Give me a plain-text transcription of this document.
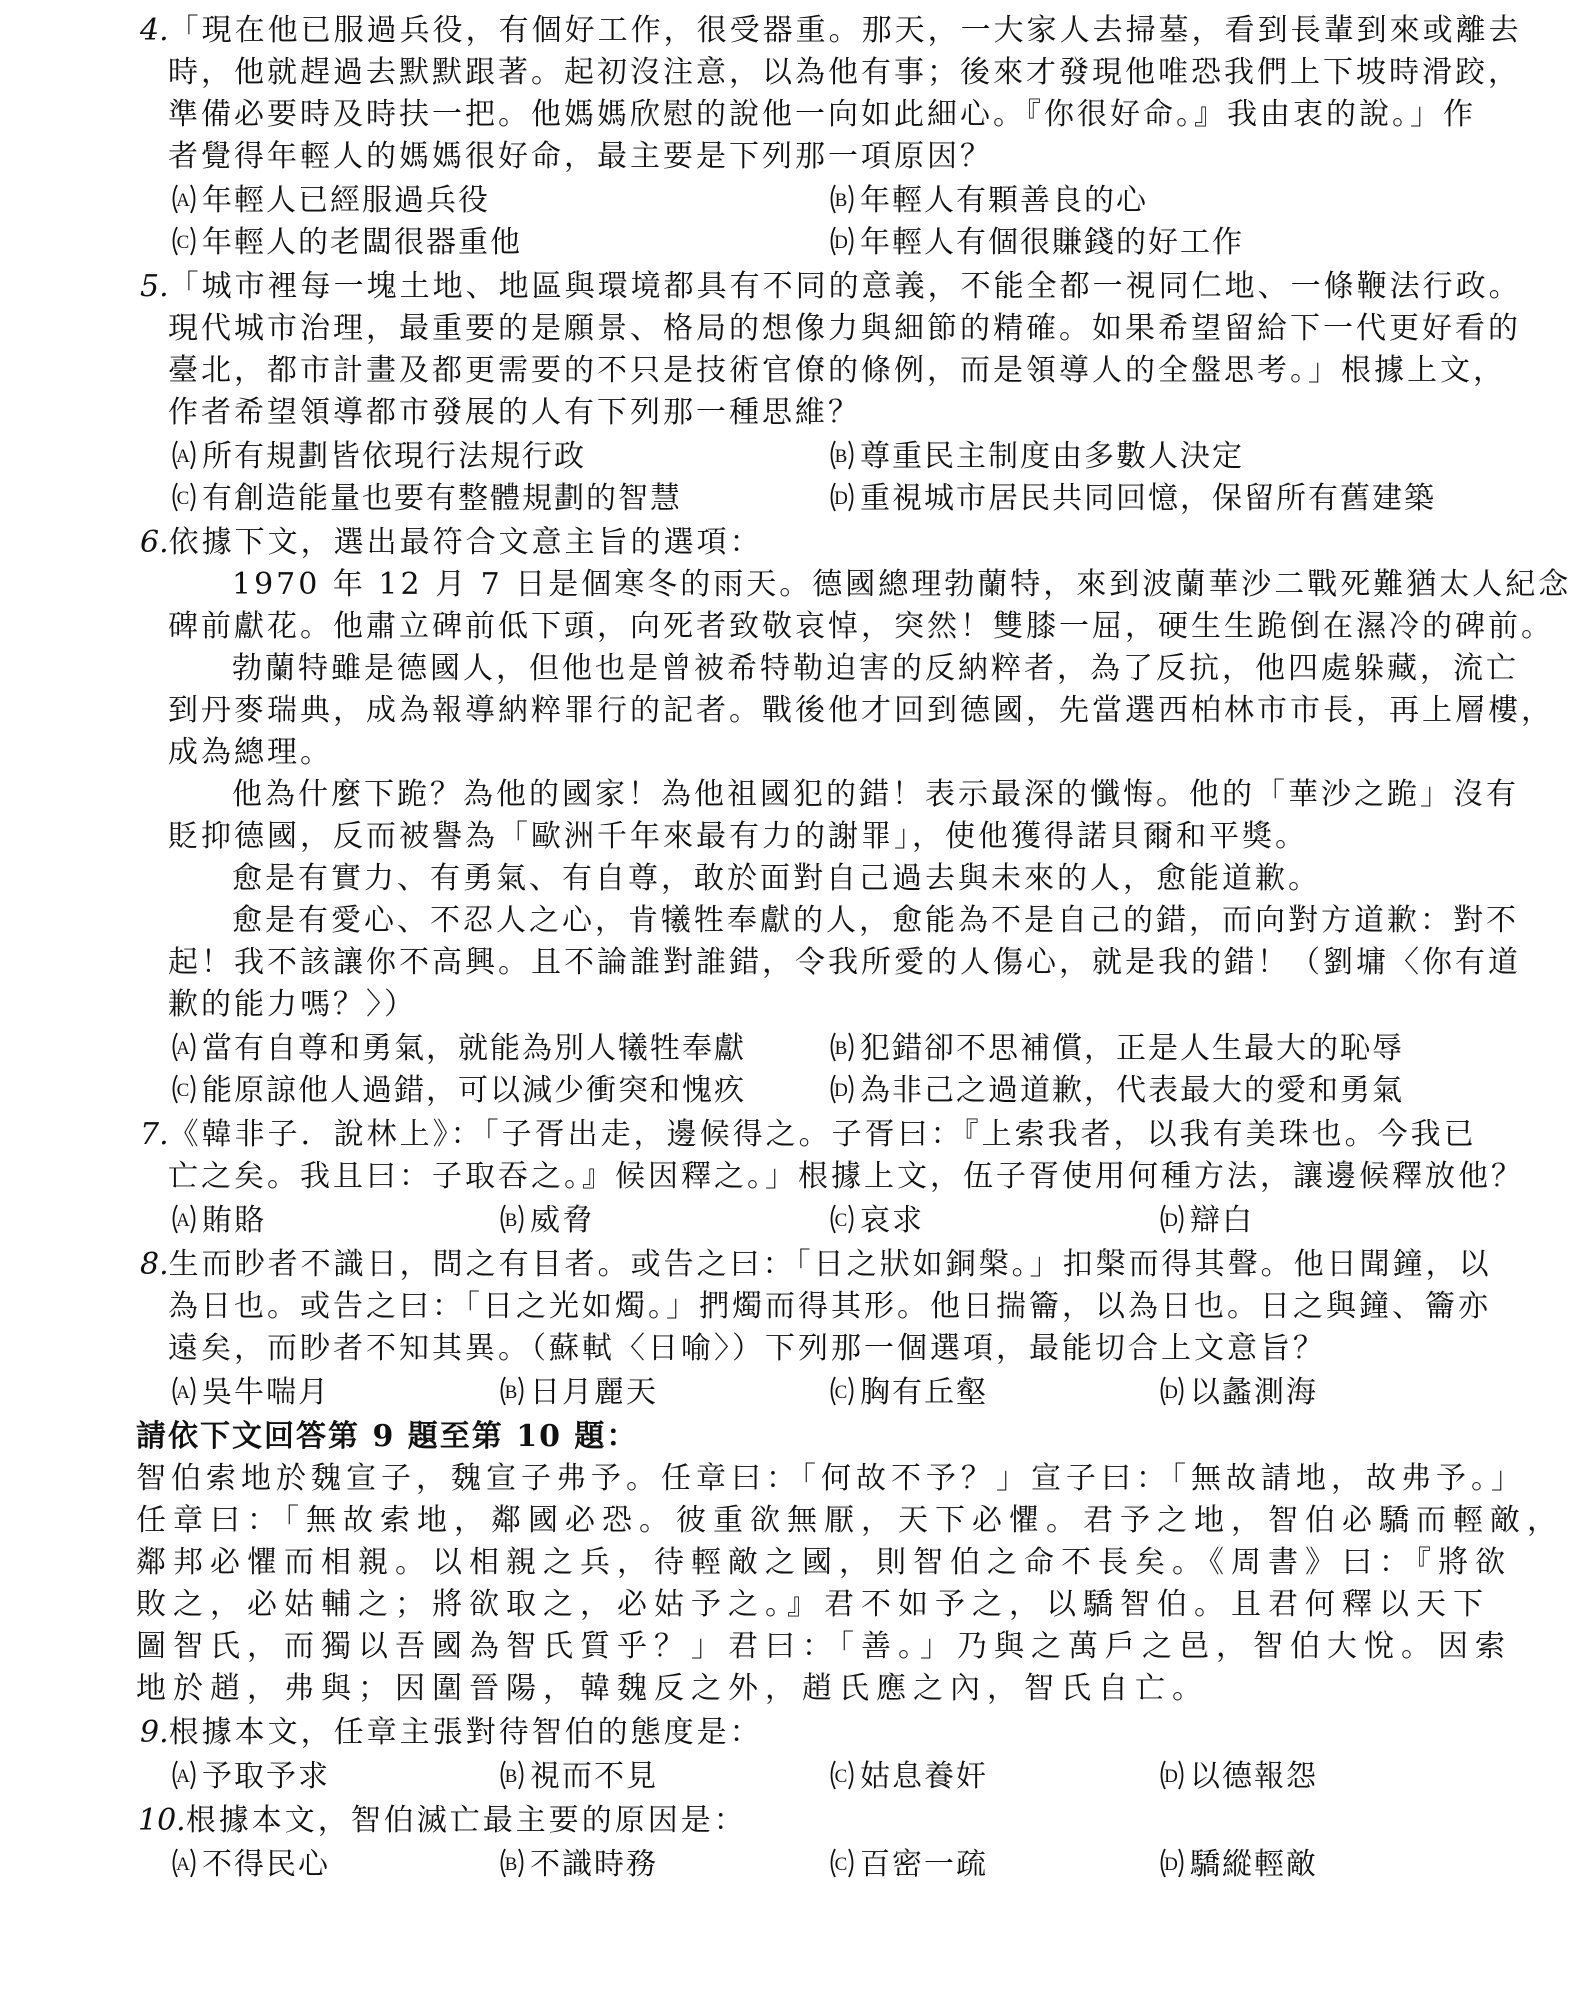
4.「現在他已服過兵役，有個好工作，很受器重。那天，一大家人去掃墓，看到長輩到來或離去
時，他就趕過去默默跟著。起初沒注意，以為他有事；後來才發現他唯恐我們上下坡時滑跤，
準備必要時及時扶一把。他媽媽欣慰的說他一向如此細心。『你很好命。』我由衷的說。」作
者覺得年輕人的媽媽很好命，最主要是下列那一項原因？
A 年輕人已經服過兵役	B 年輕人有顆善良的心
C 年輕人的老闆很器重他	D 年輕人有個很賺錢的好工作
5.「城市裡每一塊土地、地區與環境都具有不同的意義，不能全都一視同仁地、一條鞭法行政。
現代城市治理，最重要的是願景、格局的想像力與細節的精確。如果希望留給下一代更好看的
臺北，都市計畫及都更需要的不只是技術官僚的條例，而是領導人的全盤思考。」根據上文，
作者希望領導都市發展的人有下列那一種思維？
A 所有規劃皆依現行法規行政	B 尊重民主制度由多數人決定
C 有創造能量也要有整體規劃的智慧	D 重視城市居民共同回憶，保留所有舊建築
6.依據下文，選出最符合文意主旨的選項：
1970 年 12 月 7 日是個寒冬的雨天。德國總理勃蘭特，來到波蘭華沙二戰死難猶太人紀念
碑前獻花。他肅立碑前低下頭，向死者致敬哀悼，突然！雙膝一屈，硬生生跪倒在濕冷的碑前。
勃蘭特雖是德國人，但他也是曾被希特勒迫害的反納粹者，為了反抗，他四處躲藏，流亡
到丹麥瑞典，成為報導納粹罪行的記者。戰後他才回到德國，先當選西柏林市市長，再上層樓，
成為總理。
他為什麼下跪？為他的國家！為他祖國犯的錯！表示最深的懺悔。他的「華沙之跪」沒有
貶抑德國，反而被譽為「歐洲千年來最有力的謝罪」，使他獲得諾貝爾和平獎。
愈是有實力、有勇氣、有自尊，敢於面對自己過去與未來的人，愈能道歉。
愈是有愛心、不忍人之心，肯犧牲奉獻的人，愈能為不是自己的錯，而向對方道歉：對不
起！我不該讓你不高興。且不論誰對誰錯，令我所愛的人傷心，就是我的錯！（劉墉〈你有道
歉的能力嗎？〉）
A 當有自尊和勇氣，就能為別人犧牲奉獻	B 犯錯卻不思補償，正是人生最大的恥辱
C 能原諒他人過錯，可以減少衝突和愧疚	D 為非己之過道歉，代表最大的愛和勇氣
7.《韓非子．說林上》：「子胥出走，邊候得之。子胥曰：『上索我者，以我有美珠也。今我已
亡之矣。我且曰：子取吞之。』候因釋之。」根據上文，伍子胥使用何種方法，讓邊候釋放他？
A 賄賂	B 威脅	C 哀求	D 辯白
8.生而眇者不識日，問之有目者。或告之曰：「日之狀如銅槃。」扣槃而得其聲。他日聞鐘，以
為日也。或告之曰：「日之光如燭。」捫燭而得其形。他日揣籥，以為日也。日之與鐘、籥亦
遠矣，而眇者不知其異。（蘇軾〈日喻〉）下列那一個選項，最能切合上文意旨？
A 吳牛喘月	B 日月麗天	C 胸有丘壑	D 以蠡測海
請依下文回答第 9 題至第 10 題：
智伯索地於魏宣子，魏宣子弗予。任章曰：「何故不予？」宣子曰：「無故請地，故弗予。」
任章曰：「無故索地，鄰國必恐。彼重欲無厭，天下必懼。君予之地，智伯必驕而輕敵，
鄰邦必懼而相親。以相親之兵，待輕敵之國，則智伯之命不長矣。《周書》曰：『將欲
敗之，必姑輔之；將欲取之，必姑予之。』君不如予之，以驕智伯。且君何釋以天下
圖智氏，而獨以吾國為智氏質乎？」君曰：「善。」乃與之萬戶之邑，智伯大悅。因索
地於趙，弗與；因圍晉陽，韓魏反之外，趙氏應之內，智氏自亡。
9.根據本文，任章主張對待智伯的態度是：
A 予取予求	B 視而不見	C 姑息養奸	D 以德報怨
10.根據本文，智伯滅亡最主要的原因是：
A 不得民心	B 不識時務	C 百密一疏	D 驕縱輕敵
